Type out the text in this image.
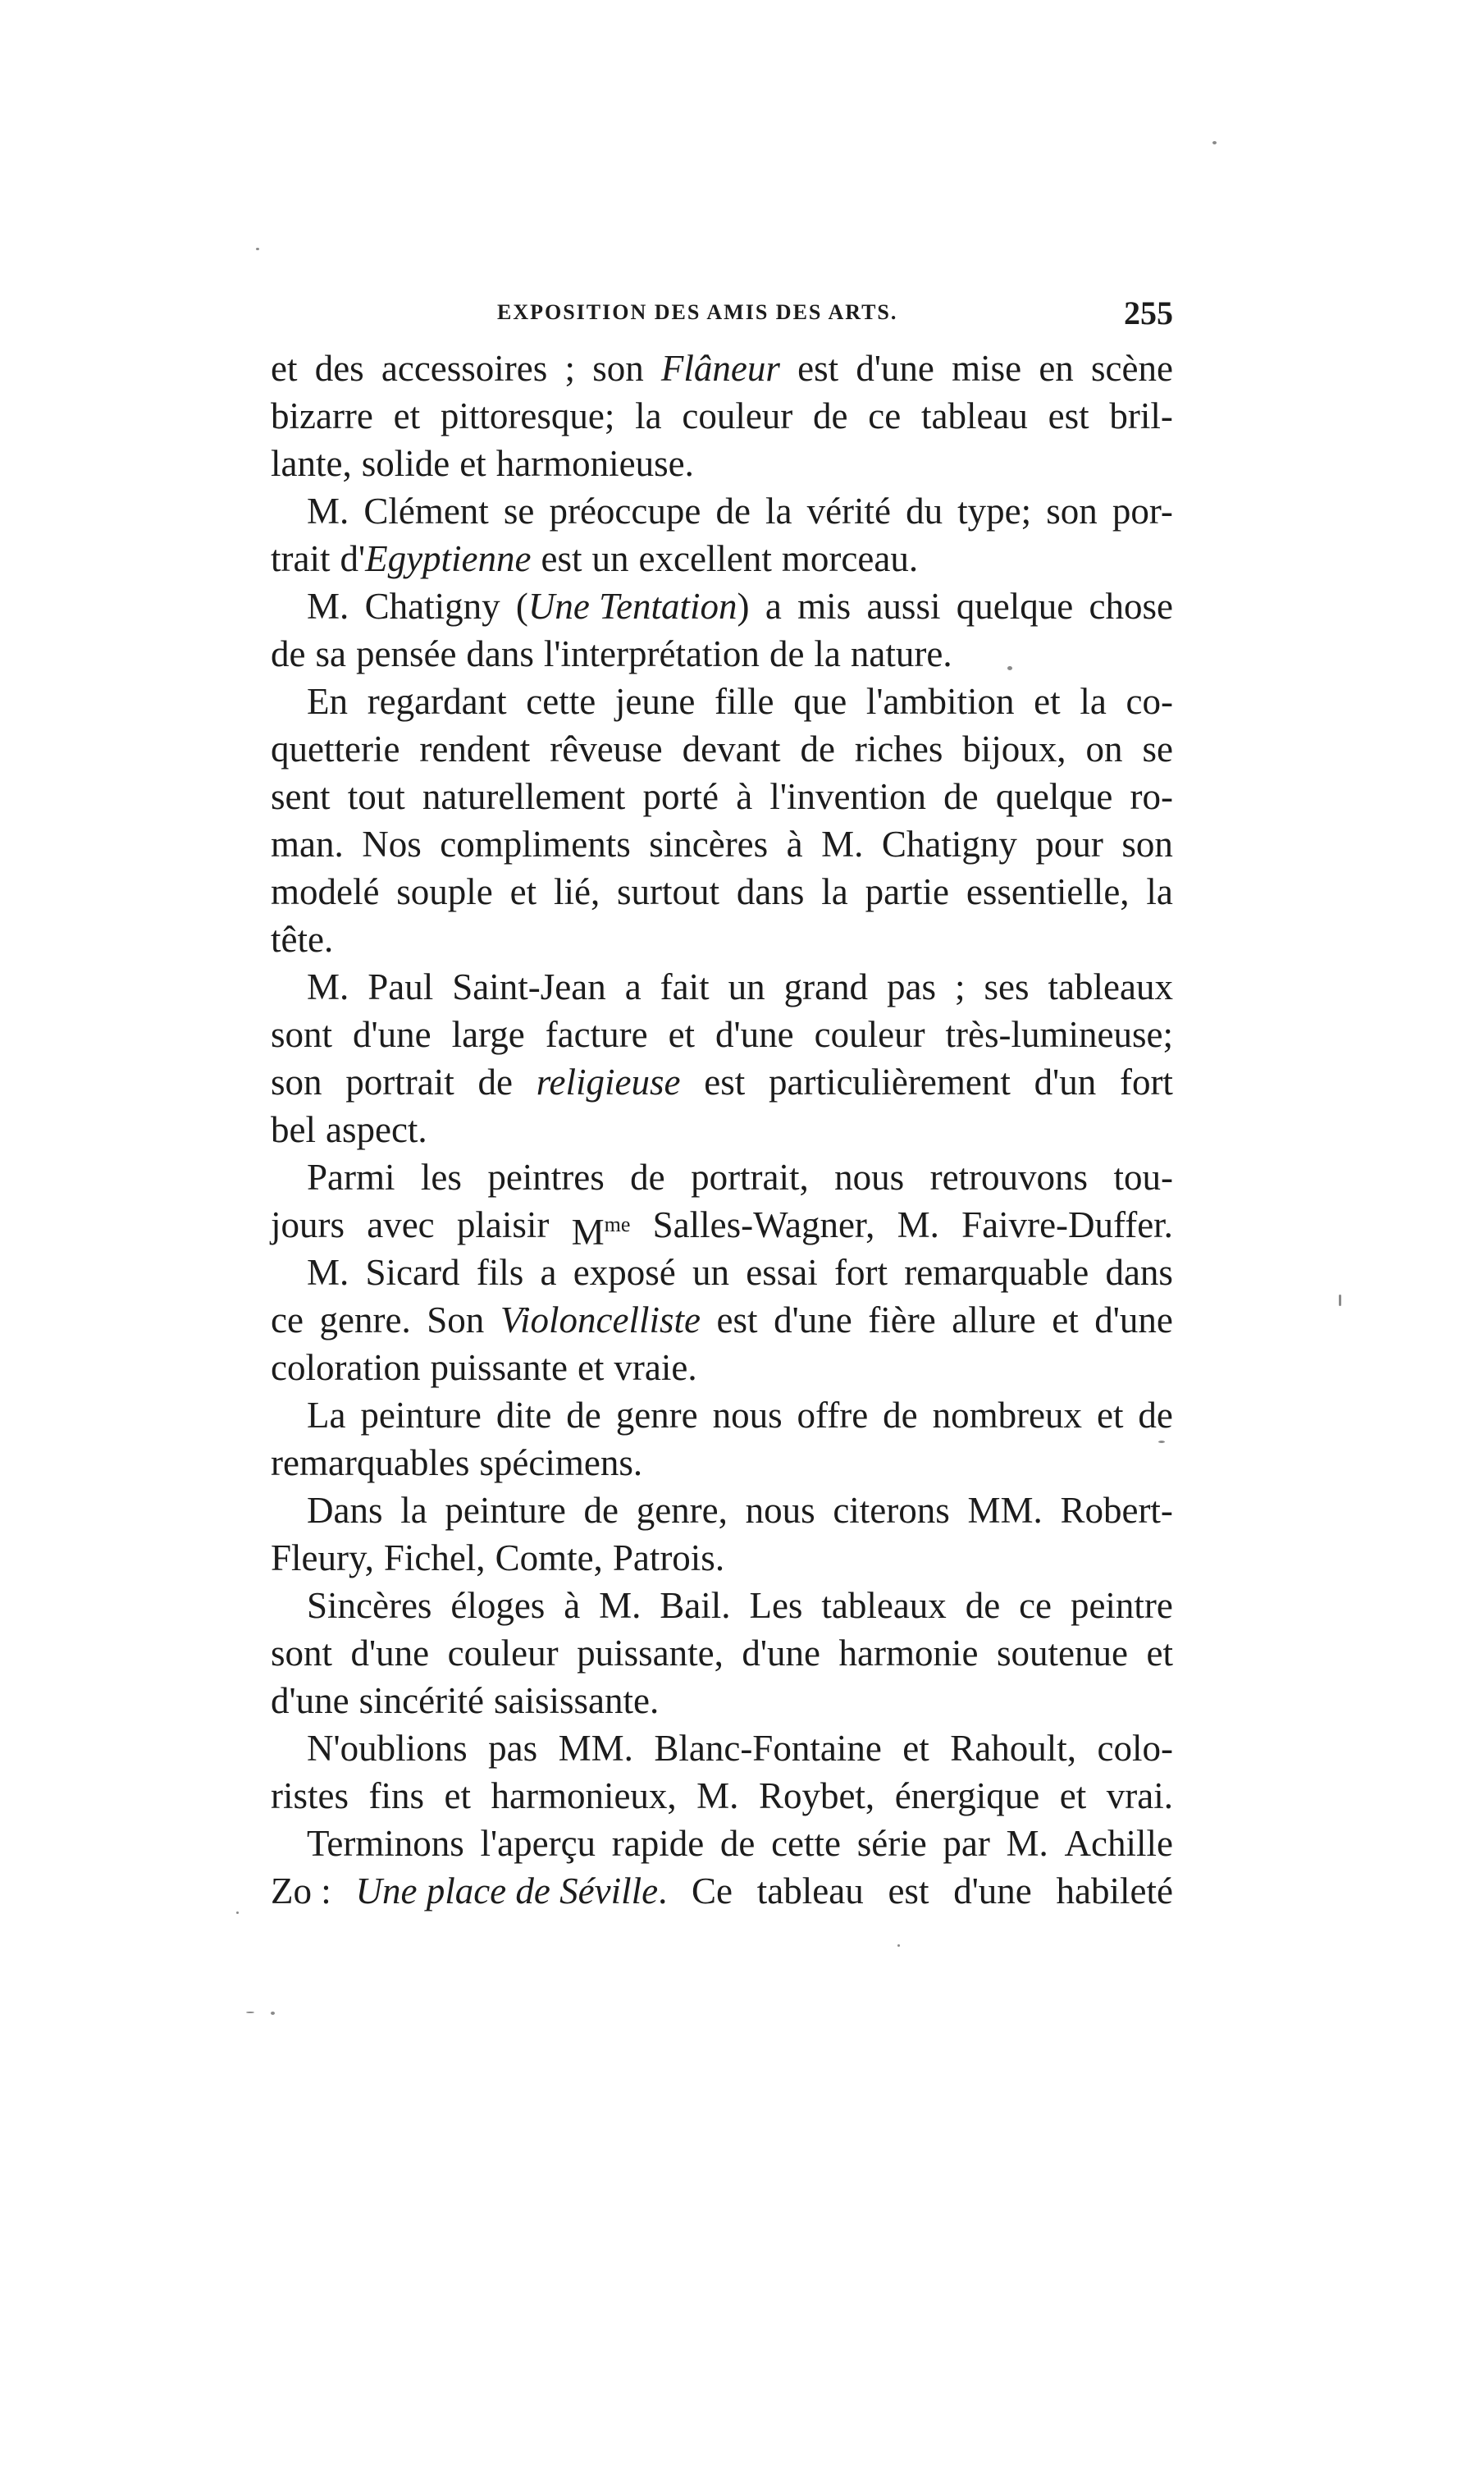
EXPOSITION DES AMIS DES ARTS.	255
et des accessoires ; son Flâneur est d'une mise en scène
bizarre et pittoresque; la couleur de ce tableau est bril-
lante, solide et harmonieuse.
M. Clément se préoccupe de la vérité du type; son por-
trait d'Egyptienne est un excellent morceau.
M. Chatigny (Une Tentation) a mis aussi quelque chose
de sa pensée dans l'interprétation de la nature.
En regardant cette jeune fille que l'ambition et la co-
quetterie rendent rêveuse devant de riches bijoux, on se
sent tout naturellement porté à l'invention de quelque ro-
man. Nos compliments sincères à M. Chatigny pour son
modelé souple et lié, surtout dans la partie essentielle, la
tête.
M. Paul Saint-Jean a fait un grand pas ; ses tableaux
sont d'une large facture et d'une couleur très-lumineuse;
son portrait de religieuse est particulièrement d'un fort
bel aspect.
Parmi les peintres de portrait, nous retrouvons tou-
jours avec plaisir $M^{me}$ Salles-Wagner, M. Faivre-Duffer.
M. Sicard fils a exposé un essai fort remarquable dans
ce genre. Son Violoncelliste est d'une fière allure et d'une
coloration puissante et vraie.
La peinture dite de genre nous offre de nombreux et de
remarquables spécimens.
Dans la peinture de genre, nous citerons MM. Robert-
Fleury, Fichel, Comte, Patrois.
Sincères éloges à M. Bail. Les tableaux de ce peintre
sont d'une couleur puissante, d'une harmonie soutenue et
d'une sincérité saisissante.
N'oublions pas MM. Blanc-Fontaine et Rahoult, colo-
ristes fins et harmonieux, M. Roybet, énergique et vrai.
Terminons l'aperçu rapide de cette série par M. Achille
Zo : Une place de Séville. Ce tableau est d'une habileté
